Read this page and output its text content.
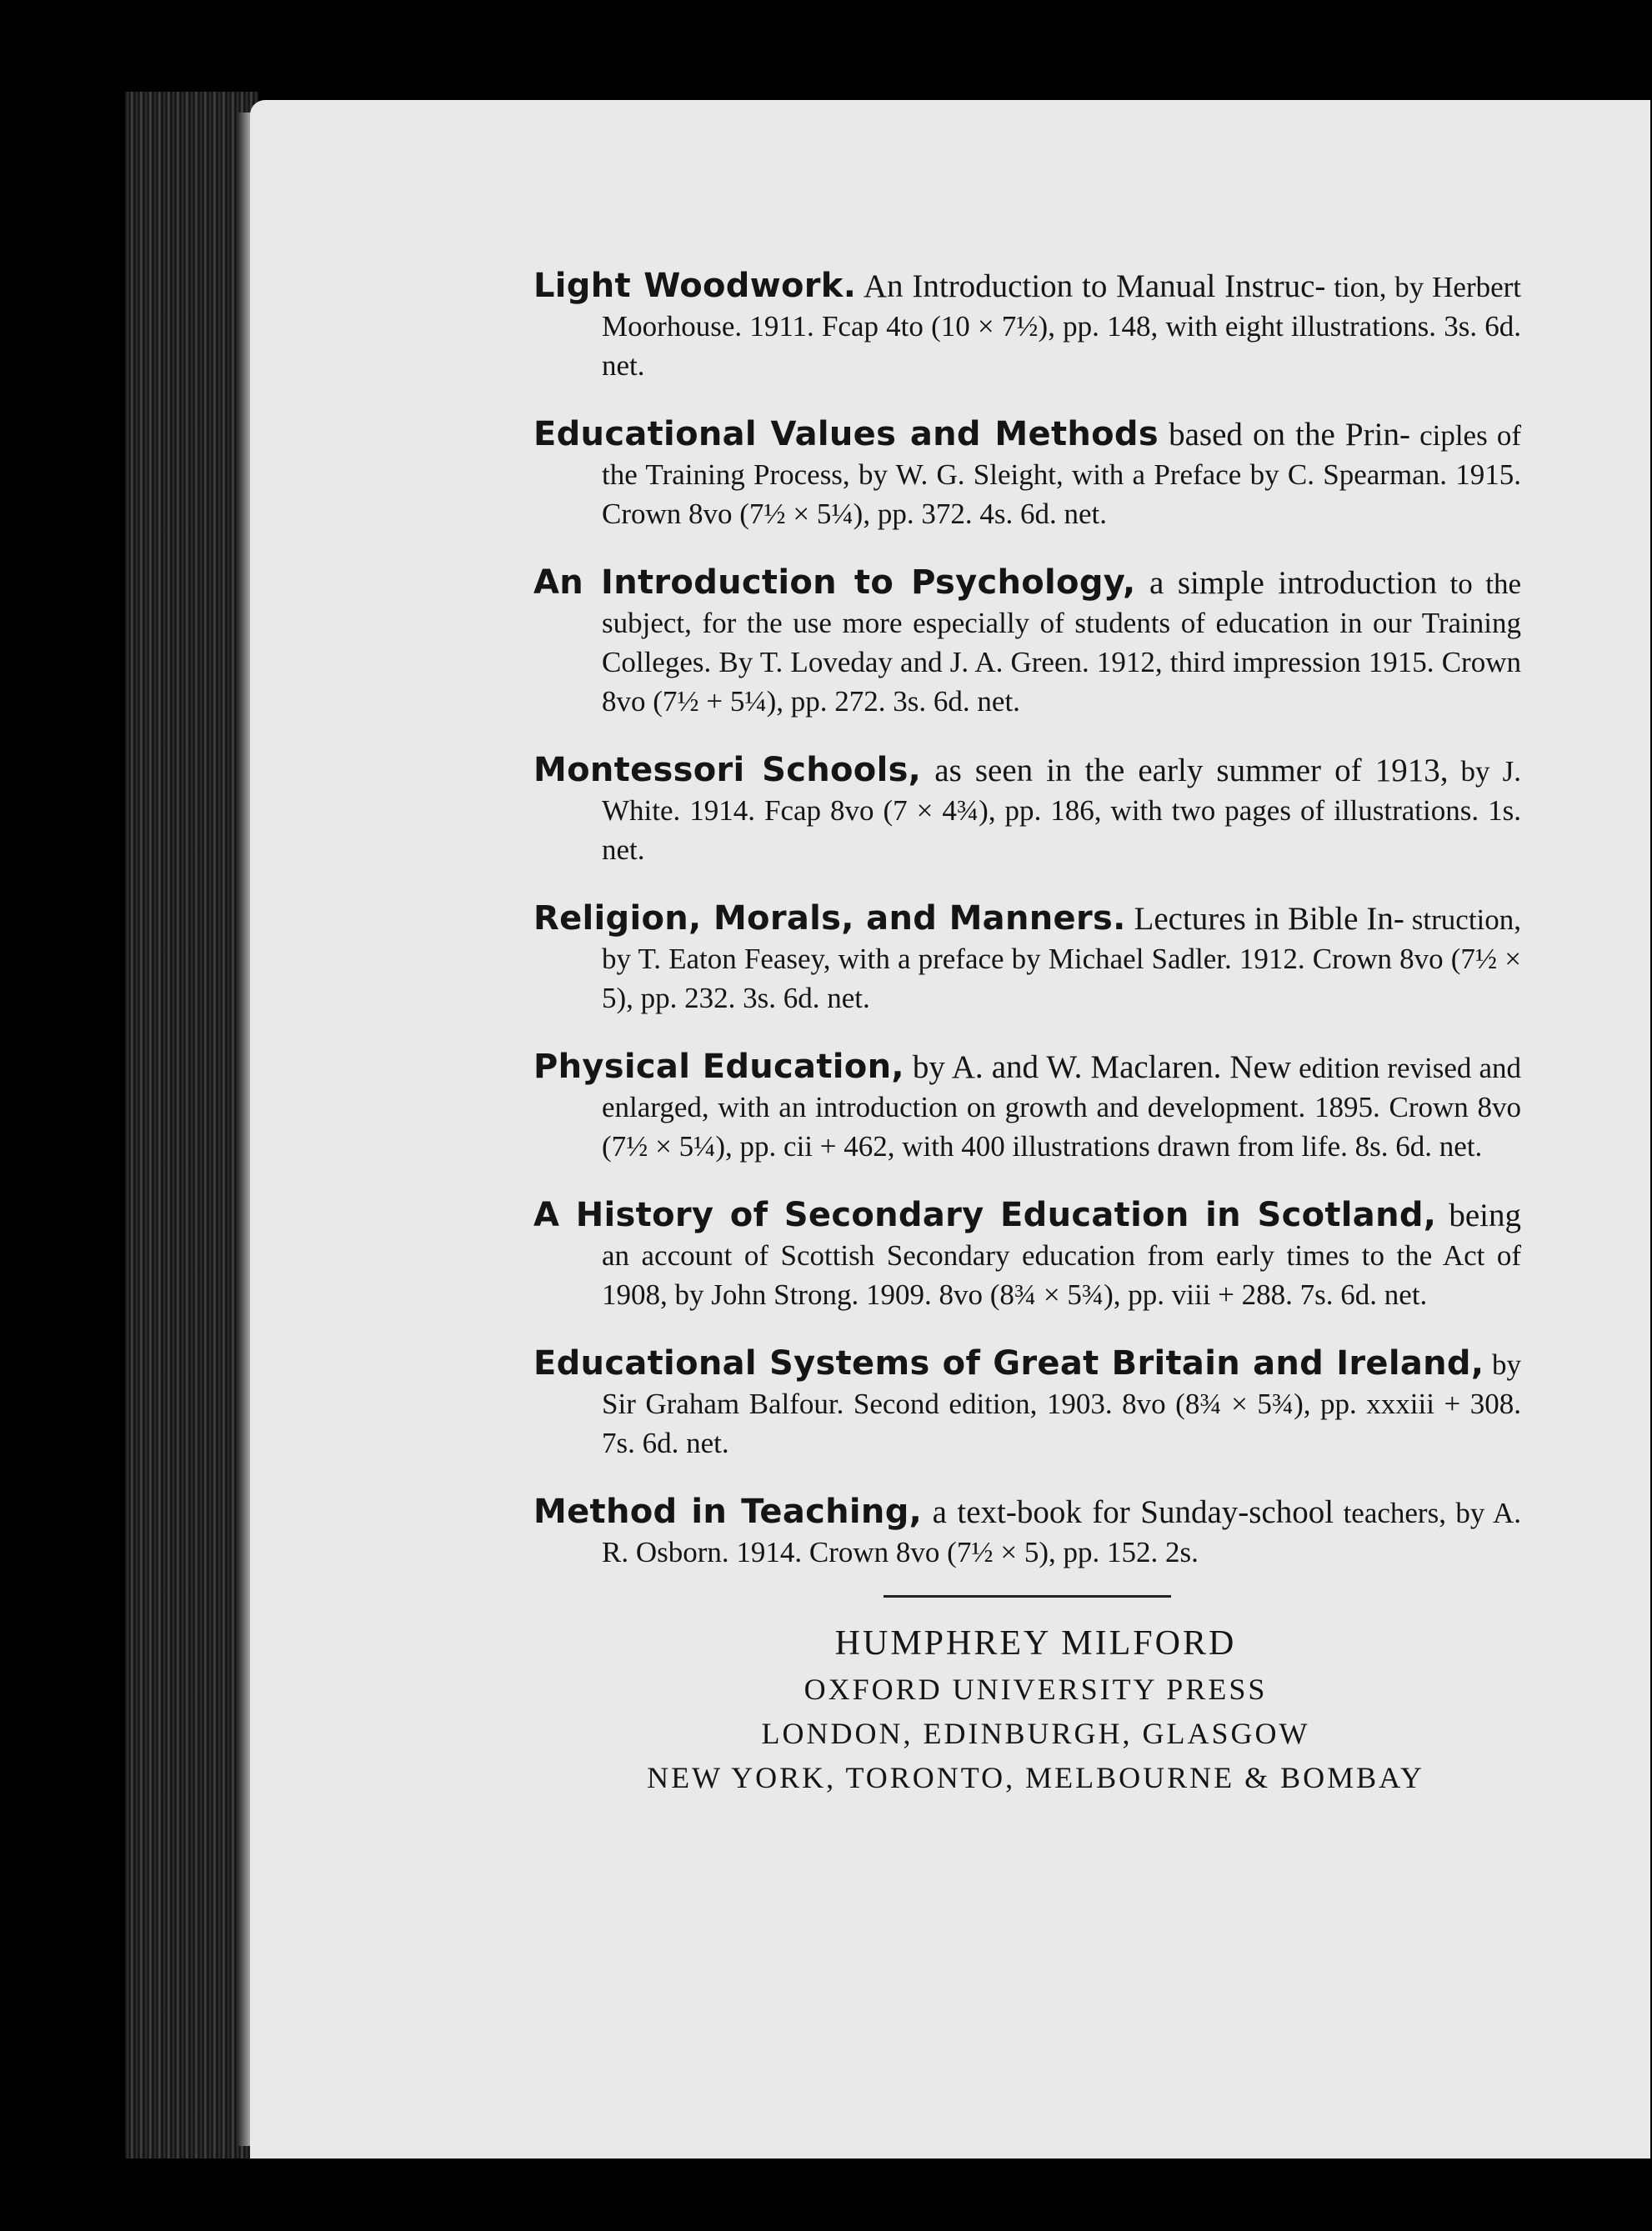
Light Woodwork. An Introduction to Manual Instruc- tion, by Herbert Moorhouse. 1911. Fcap 4to (10 × 7½), pp. 148, with eight illustrations. 3s. 6d. net.

Educational Values and Methods based on the Prin- ciples of the Training Process, by W. G. Sleight, with a Preface by C. Spearman. 1915. Crown 8vo (7½ × 5¼), pp. 372. 4s. 6d. net.

An Introduction to Psychology, a simple introduction to the subject, for the use more especially of students of education in our Training Colleges. By T. Loveday and J. A. Green. 1912, third impression 1915. Crown 8vo (7½ + 5¼), pp. 272. 3s. 6d. net.

Montessori Schools, as seen in the early summer of 1913, by J. White. 1914. Fcap 8vo (7 × 4¾), pp. 186, with two pages of illustrations. 1s. net.

Religion, Morals, and Manners. Lectures in Bible In- struction, by T. Eaton Feasey, with a preface by Michael Sadler. 1912. Crown 8vo (7½ × 5), pp. 232. 3s. 6d. net.

Physical Education, by A. and W. Maclaren. New edition revised and enlarged, with an introduction on growth and development. 1895. Crown 8vo (7½ × 5¼), pp. cii + 462, with 400 illustrations drawn from life. 8s. 6d. net.

A History of Secondary Education in Scotland, being an account of Scottish Secondary education from early times to the Act of 1908, by John Strong. 1909. 8vo (8¾ × 5¾), pp. viii + 288. 7s. 6d. net.

Educational Systems of Great Britain and Ireland, by Sir Graham Balfour. Second edition, 1903. 8vo (8¾ × 5¾), pp. xxxiii + 308. 7s. 6d. net.

Method in Teaching, a text-book for Sunday-school teachers, by A. R. Osborn. 1914. Crown 8vo (7½ × 5), pp. 152. 2s.

HUMPHREY MILFORD
OXFORD UNIVERSITY PRESS
LONDON, EDINBURGH, GLASGOW
NEW YORK, TORONTO, MELBOURNE & BOMBAY
